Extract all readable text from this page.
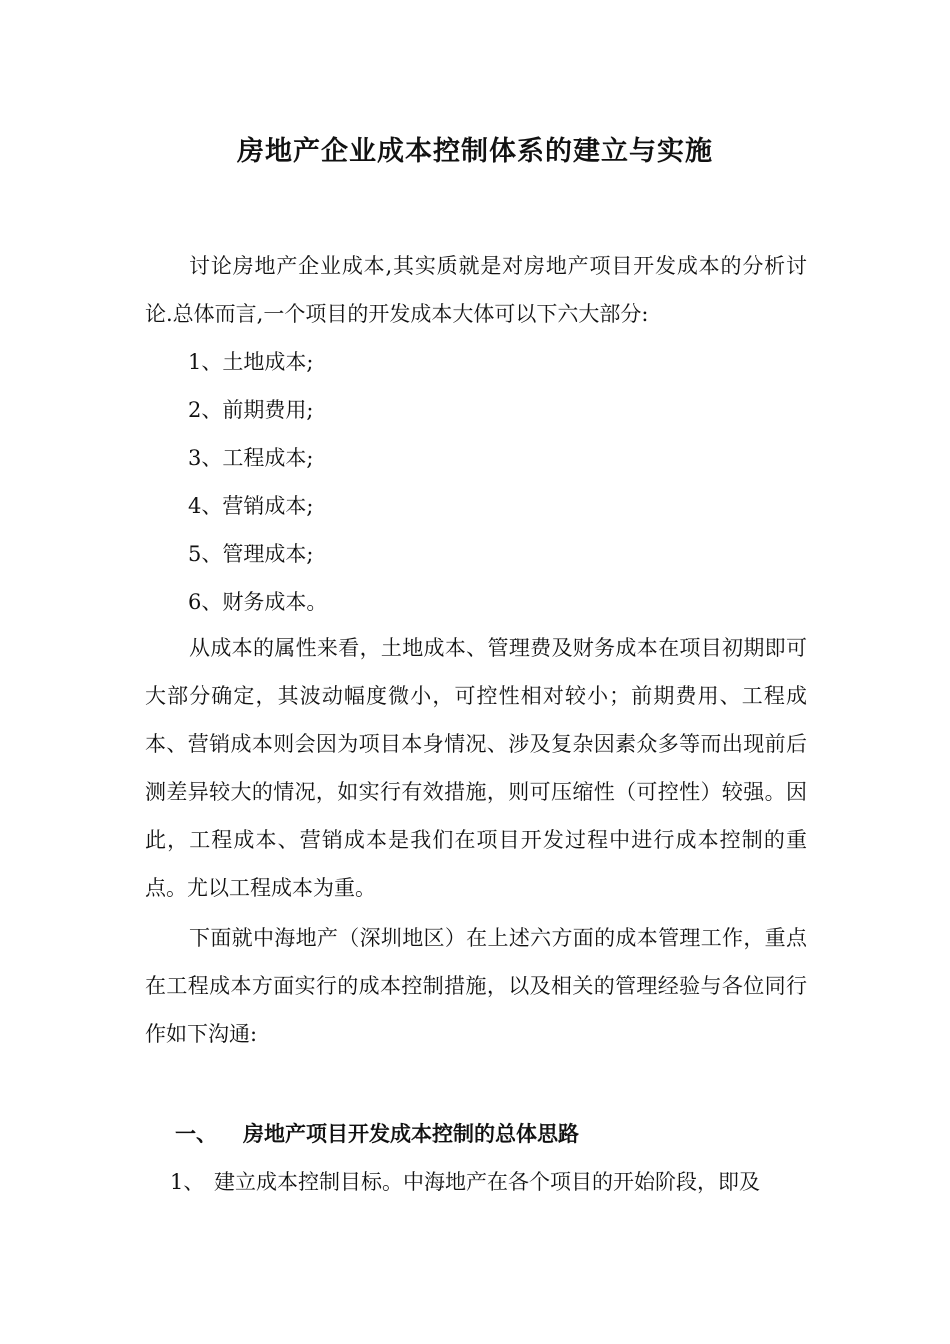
房地产企业成本控制体系的建立与实施
讨论房地产企业成本,其实质就是对房地产项目开发成本的分析讨论.总体而言,一个项目的开发成本大体可以下六大部分:
1、土地成本;
2、前期费用;
3、工程成本;
4、营销成本;
5、管理成本;
6、财务成本。
从成本的属性来看，土地成本、管理费及财务成本在项目初期即可大部分确定，其波动幅度微小，可控性相对较小；前期费用、工程成本、营销成本则会因为项目本身情况、涉及复杂因素众多等而出现前后测差异较大的情况，如实行有效措施，则可压缩性（可控性）较强。因此，工程成本、营销成本是我们在项目开发过程中进行成本控制的重点。尤以工程成本为重。
下面就中海地产（深圳地区）在上述六方面的成本管理工作，重点在工程成本方面实行的成本控制措施，以及相关的管理经验与各位同行作如下沟通:
一、 房地产项目开发成本控制的总体思路
1、 建立成本控制目标。中海地产在各个项目的开始阶段，即及
